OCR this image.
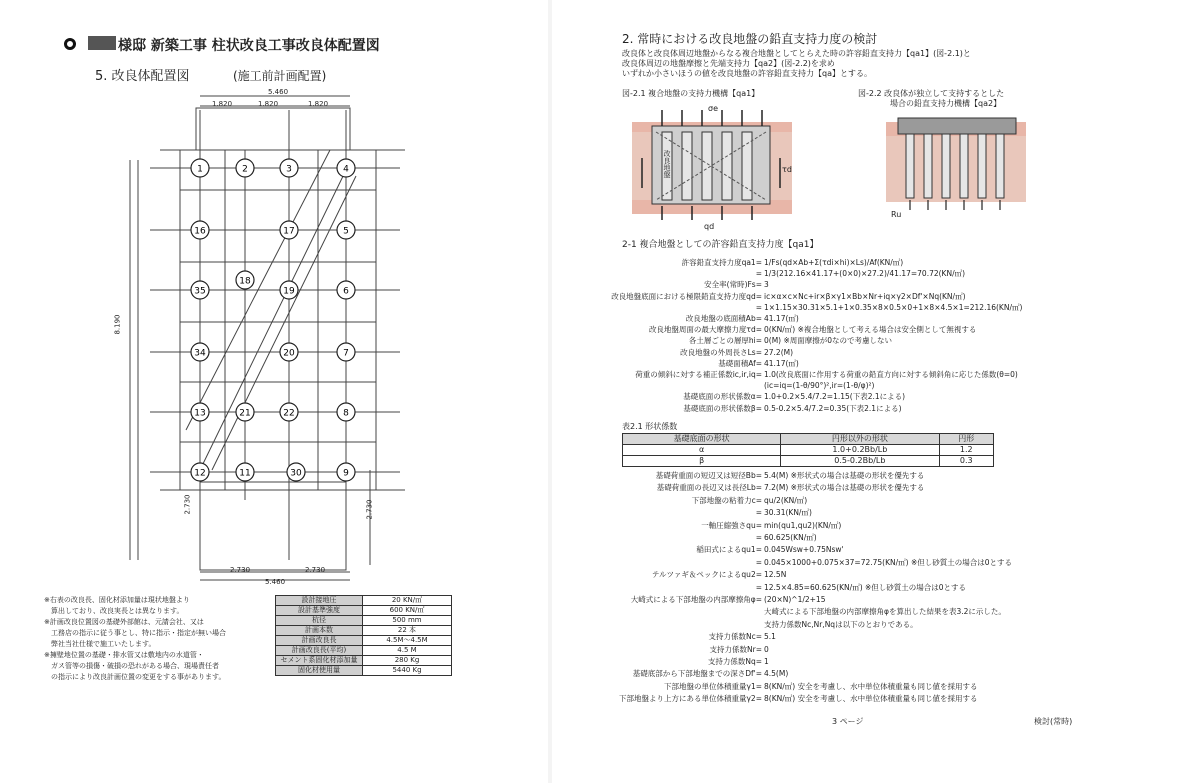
様邸 新築工事 柱状改良工事改良体配置図
5. 改良体配置図	(施工前計画配置)
1	2	3	4
16	17	5
18
35	19	6
34	20	7
13	21	22	8
12	11	30	9
5.460
1.820	1.820	1.820
8.190
2.730	2.730
5.460
2.730	2.730
※右表の改良長、固化材添加量は現状地盤より
　算出しており、改良実長とは異なります。
※計画改良位置図の基礎外部館は、元請会社、又は
　工務店の指示に従う事とし、特に指示・指定が無い場合
　弊社当社仕様で施工いたします。
※擁壁地位置の基礎・排水管又は敷地内の水道管・
　ガス管等の損傷・破損の恐れがある場合、現場責任者
　の指示により改良計画位置の変更をする事があります。
設計接地圧	20 KN/㎡
設計基準強度	600 KN/㎡
杭径	500 mm
計画本数	22 本
計画改良長	4.5M～4.5M
計画改良長(平均)	4.5 M
セメント系固化材添加量	280 Kg
固化材使用量	5440 Kg
2. 常時における改良地盤の鉛直支持力度の検討
改良体と改良体周辺地盤からなる複合地盤としてとらえた時の許容鉛直支持力【qa1】(図-2.1)と
改良体周辺の地盤摩擦と先端支持力【qa2】(図-2.2)を求め
いずれか小さいほうの値を改良地盤の許容鉛直支持力【qa】とする。
図-2.1 複合地盤の支持力機構【qa1】	図-2.2 改良体が独立して支持するとした
場合の鉛直支持力機構【qa2】
σe
τd
qd
改良地盤
Ru
2-1 複合地盤としての許容鉛直支持力度【qa1】
許容鉛直支持力度qa1= 1/Fs(qd×Ab+Σ(τdi×hi)×Ls)/Af(KN/㎡)
= 1/3(212.16×41.17+(0×0)×27.2)/41.17=70.72(KN/㎡)
安全率(常時)Fs= 3
改良地盤底面における極限鉛直支持力度qd= ic×α×c×Nc+ir×β×γ1×Bb×Nr+iq×γ2×Df'×Nq(KN/㎡)
= 1×1.15×30.31×5.1+1×0.35×8×0.5×0+1×8×4.5×1=212.16(KN/㎡)
改良地盤の底面積Ab= 41.17(㎡)
改良地盤周面の最大摩擦力度τd= 0(KN/㎡) ※複合地盤として考える場合は安全側として無視する
各土層ごとの層厚hi= 0(M) ※周面摩擦が0なので考慮しない
改良地盤の外周長さLs= 27.2(M)
基礎面積Af= 41.17(㎡)
荷重の傾斜に対する補正係数ic,ir,iq= 1.0(改良底面に作用する荷重の鉛直方向に対する傾斜角に応じた係数(θ=0)
(ic=iq=(1-θ/90°)²,ir=(1-θ/φ)²)
基礎底面の形状係数α= 1.0+0.2×5.4/7.2=1.15(下表2.1による)
基礎底面の形状係数β= 0.5-0.2×5.4/7.2=0.35(下表2.1による)
表2.1 形状係数
基礎底面の形状	円形以外の形状	円形
α	1.0+0.2Bb/Lb	1.2
β	0.5-0.2Bb/Lb	0.3
基礎荷重面の短辺又は短径Bb= 5.4(M) ※形状式の場合は基礎の形状を優先する
基礎荷重面の長辺又は長径Lb= 7.2(M) ※形状式の場合は基礎の形状を優先する
下部地盤の粘着力c= qu/2(KN/㎡)
= 30.31(KN/㎡)
一軸圧縮強さqu= min(qu1,qu2)(KN/㎡)
= 60.625(KN/㎡)
稲田式によるqu1= 0.045Wsw+0.75Nsw'
= 0.045×1000+0.075×37=72.75(KN/㎡) ※但し砂質土の場合は0とする
テルツァギ＆ペックによるqu2= 12.5N
= 12.5×4.85=60.625(KN/㎡) ※但し砂質土の場合は0とする
大崎式による下部地盤の内部摩擦角φ= (20×N)^1/2+15
大崎式による下部地盤の内部摩擦角φを算出した結果を表3.2に示した。
支持力係数Nc,Nr,Nqは以下のとおりである。
支持力係数Nc= 5.1
支持力係数Nr= 0
支持力係数Nq= 1
基礎底部から下部地盤までの深さDf'= 4.5(M)
下部地盤の単位体積重量γ1= 8(KN/㎡) 安全を考慮し、水中単位体積重量も同じ値を採用する
下部地盤より上方にある単位体積重量γ2= 8(KN/㎡) 安全を考慮し、水中単位体積重量も同じ値を採用する
3 ページ	検討(常時)
